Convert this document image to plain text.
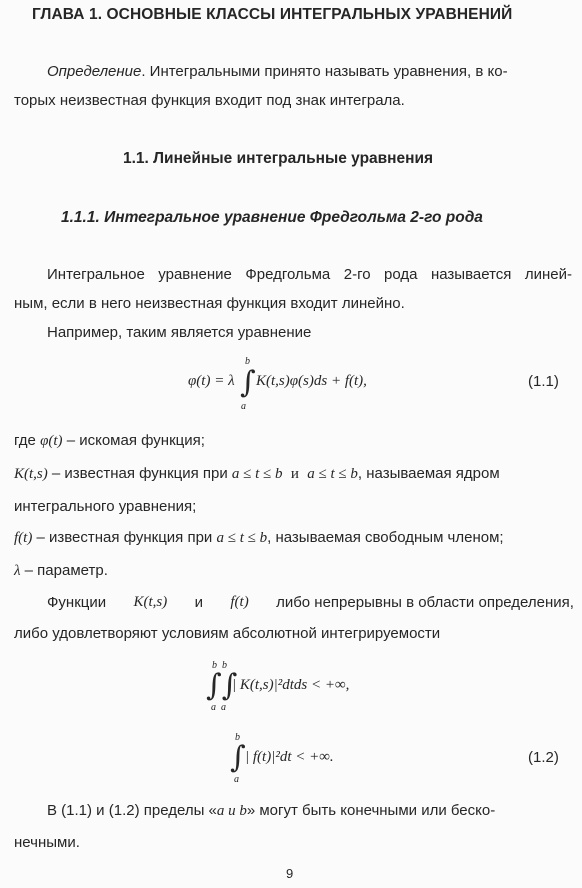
ГЛАВА 1. ОСНОВНЫЕ КЛАССЫ ИНТЕГРАЛЬНЫХ УРАВНЕНИЙ
Определение. Интегральными принято называть уравнения, в ко-
торых неизвестная функция входит под знак интеграла.
1.1. Линейные интегральные уравнения
1.1.1. Интегральное уравнение Фредгольма 2-го рода
Интегральное уравнение Фредгольма 2-го рода называется линей-
ным, если в него неизвестная функция входит линейно.
Например, таким является уравнение
φ(t) = λ
b
∫
a
K(t,s)φ(s)ds + f(t),	(1.1)
где φ(t) – искомая функция;
K(t,s) – известная функция при a ≤ t ≤ b и a ≤ t ≤ b, называемая ядром
интегрального уравнения;
f(t) – известная функция при a ≤ t ≤ b, называемая свободным членом;
λ – параметр.
Функции K(t,s) и f(t) либо непрерывны в области определения,
либо удовлетворяют условиям абсолютной интегрируемости
b b
∫∫
a a
| K(t,s)|²dtds < +∞,
b
∫
a
| f(t)|²dt < +∞.	(1.2)
В (1.1) и (1.2) пределы «a и b» могут быть конечными или беско-
нечными.
9
